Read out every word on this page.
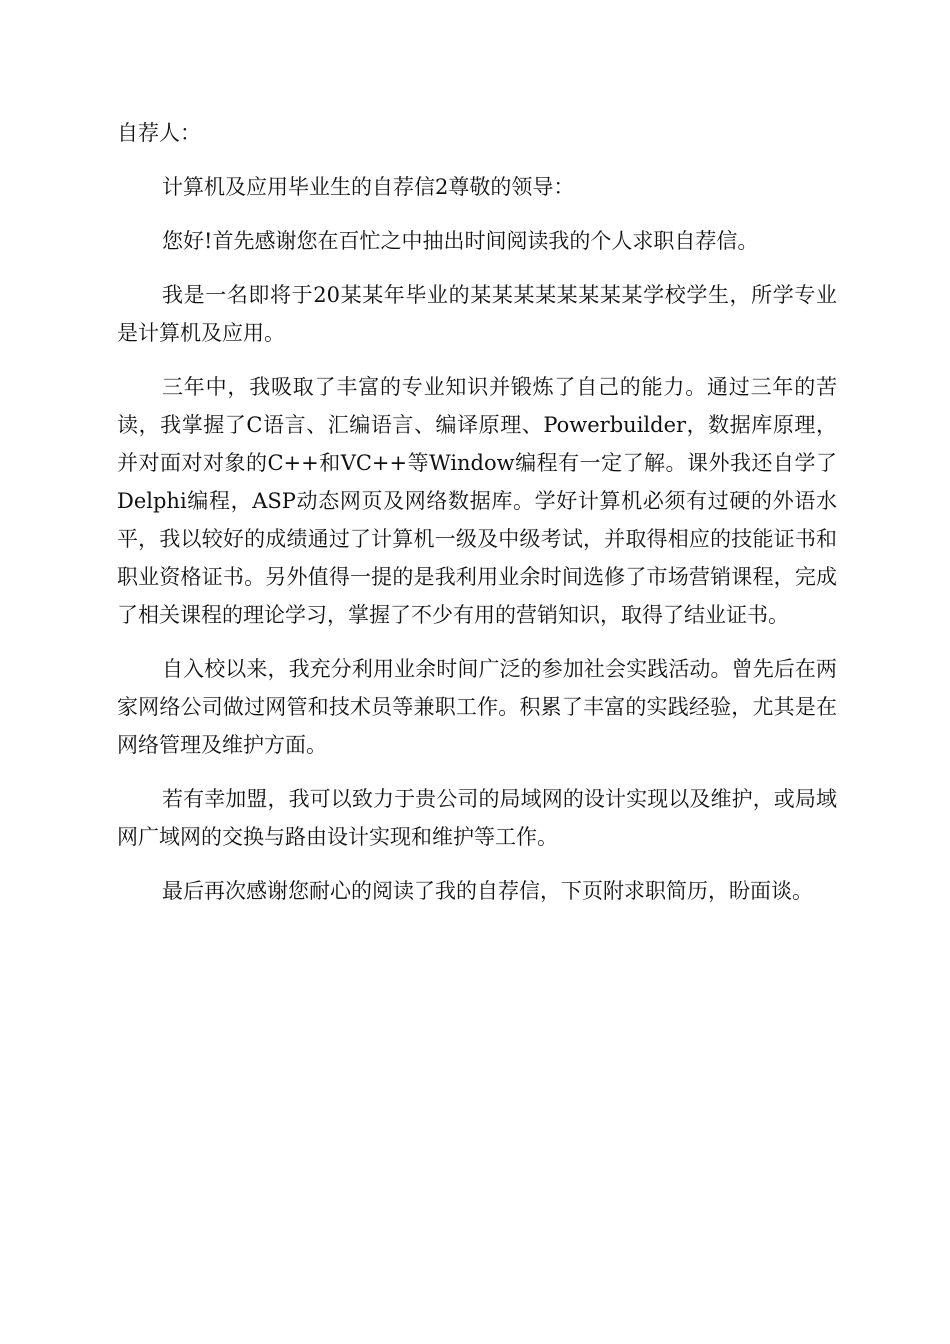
自荐人：

计算机及应用毕业生的自荐信2尊敬的领导：

您好!首先感谢您在百忙之中抽出时间阅读我的个人求职自荐信。

我是一名即将于20某某年毕业的某某某某某某某某学校学生，所学专业是计算机及应用。

三年中，我吸取了丰富的专业知识并锻炼了自己的能力。通过三年的苦读，我掌握了C语言、汇编语言、编译原理、Powerbuilder，数据库原理，并对面对对象的C++和VC++等Window编程有一定了解。课外我还自学了Delphi编程，ASP动态网页及网络数据库。学好计算机必须有过硬的外语水平，我以较好的成绩通过了计算机一级及中级考试，并取得相应的技能证书和职业资格证书。另外值得一提的是我利用业余时间选修了市场营销课程，完成了相关课程的理论学习，掌握了不少有用的营销知识，取得了结业证书。

自入校以来，我充分利用业余时间广泛的参加社会实践活动。曾先后在两家网络公司做过网管和技术员等兼职工作。积累了丰富的实践经验，尤其是在网络管理及维护方面。

若有幸加盟，我可以致力于贵公司的局域网的设计实现以及维护，或局域网广域网的交换与路由设计实现和维护等工作。

最后再次感谢您耐心的阅读了我的自荐信，下页附求职简历，盼面谈。
